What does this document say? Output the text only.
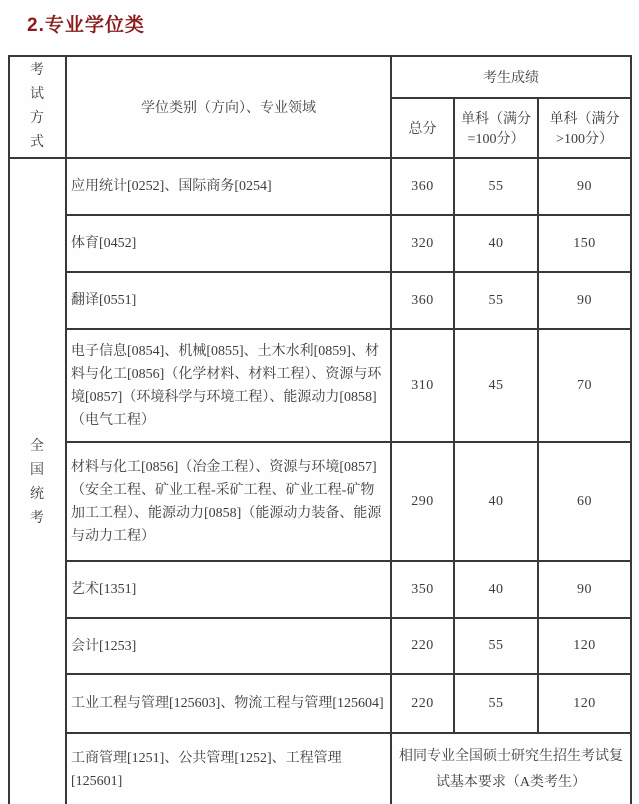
2.专业学位类
考试方式	学位类别（方向）、专业领域	考生成绩		
		总分	单科（满分=100分）	单科（满分>100分）
全国统考	应用统计[0252]、国际商务[0254]	360	55	90
	体育[0452]	320	40	150
	翻译[0551]	360	55	90
	电子信息[0854]、机械[0855]、土木水利[0859]、材料与化工[0856]（化学材料、材料工程）、资源与环境[0857]（环境科学与环境工程）、能源动力[0858]（电气工程）	310	45	70
	材料与化工[0856]（冶金工程）、资源与环境[0857]（安全工程、矿业工程-采矿工程、矿业工程-矿物加工工程）、能源动力[0858]（能源动力装备、能源与动力工程）	290	40	60
	艺术[1351]	350	40	90
	会计[1253]	220	55	120
	工业工程与管理[125603]、物流工程与管理[125604]	220	55	120
	工商管理[1251]、公共管理[1252]、工程管理[125601]	相同专业全国硕士研究生招生考试复试基本要求（A类考生）		
